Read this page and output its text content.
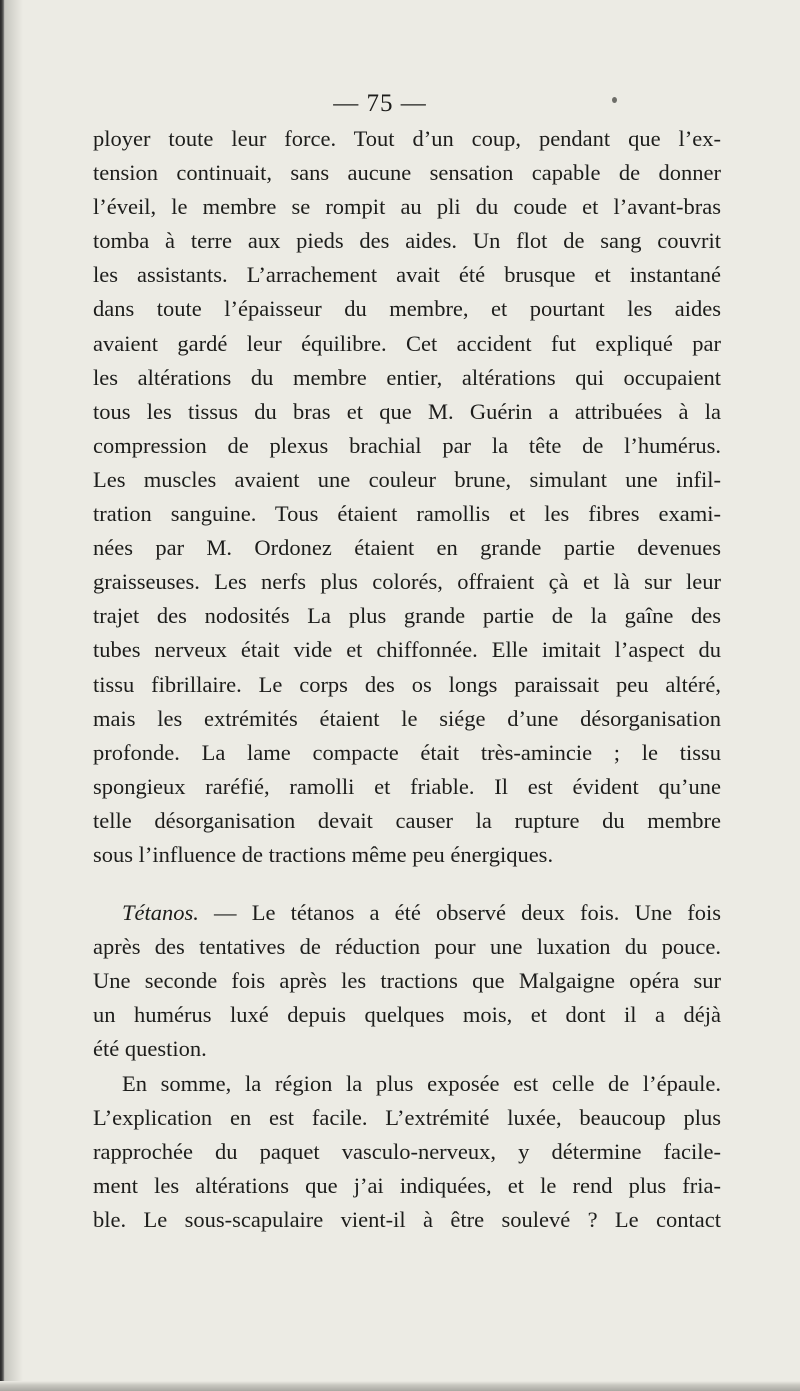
— 75 —
ployer toute leur force. Tout d’un coup, pendant que l’ex-
tension continuait, sans aucune sensation capable de donner
l’éveil, le membre se rompit au pli du coude et l’avant-bras
tomba à terre aux pieds des aides. Un flot de sang couvrit
les assistants. L’arrachement avait été brusque et instantané
dans toute l’épaisseur du membre, et pourtant les aides
avaient gardé leur équilibre. Cet accident fut expliqué par
les altérations du membre entier, altérations qui occupaient
tous les tissus du bras et que M. Guérin a attribuées à la
compression de plexus brachial par la tête de l’humérus.
Les muscles avaient une couleur brune, simulant une infil-
tration sanguine. Tous étaient ramollis et les fibres exami-
nées par M. Ordonez étaient en grande partie devenues
graisseuses. Les nerfs plus colorés, offraient çà et là sur leur
trajet des nodosités La plus grande partie de la gaîne des
tubes nerveux était vide et chiffonnée. Elle imitait l’aspect du
tissu fibrillaire. Le corps des os longs paraissait peu altéré,
mais les extrémités étaient le siége d’une désorganisation
profonde. La lame compacte était très-amincie ; le tissu
spongieux raréfié, ramolli et friable. Il est évident qu’une
telle désorganisation devait causer la rupture du membre
sous l’influence de tractions même peu énergiques.
Tétanos. — Le tétanos a été observé deux fois. Une fois
après des tentatives de réduction pour une luxation du pouce.
Une seconde fois après les tractions que Malgaigne opéra sur
un humérus luxé depuis quelques mois, et dont il a déjà
été question.
En somme, la région la plus exposée est celle de l’épaule.
L’explication en est facile. L’extrémité luxée, beaucoup plus
rapprochée du paquet vasculo-nerveux, y détermine facile-
ment les altérations que j’ai indiquées, et le rend plus fria-
ble. Le sous-scapulaire vient-il à être soulevé ? Le contact
